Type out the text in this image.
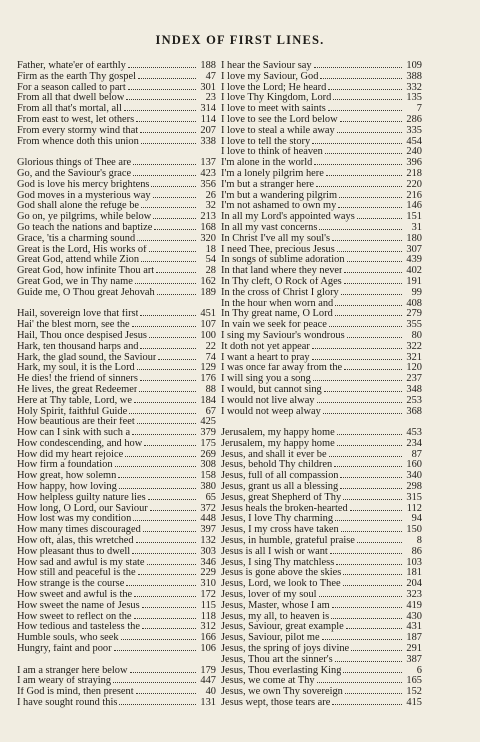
INDEX OF FIRST LINES.
Father, whate'er of earthly	188
Firm as the earth Thy gospel	47
For a season called to part	301
From all that dwell below	23
From all that's mortal, all	314
From east to west, let others	114
From every stormy wind that	207
From whence doth this union	338
Glorious things of Thee are	137
Go, and the Saviour's grace	423
God is love his mercy brightens	356
God moves in a mysterious way	26
God shall alone the refuge be	32
Go on, ye pilgrims, while below	213
Go teach the nations and baptize	168
Grace, 'tis a charming sound	320
Great is the Lord, His works of	18
Great God, attend while Zion	54
Great God, how infinite Thou art	28
Great God, we in Thy name	162
Guide me, O Thou great Jehovah	189
Hail, sovereign love that first	451
Hai' the blest morn, see the	107
Hail, Thou once despised Jesus	100
Hark, ten thousand harps and	22
Hark, the glad sound, the Saviour	74
Hark, my soul, it is the Lord	129
He dies! the friend of sinners	176
He lives, the great Redeemer	88
Here at Thy table, Lord, we	184
Holy Spirit, faithful Guide	67
How beautious are their feet	425
How can I sink with such a	379
How condescending, and how	175
How did my heart rejoice	269
How firm a foundation	308
How great, how solemn	158
How happy, how loving	380
How helpless guilty nature lies	65
How long, O Lord, our Saviour	372
How lost was my condition	448
How many times discouraged	397
How oft, alas, this wretched	132
How pleasant thus to dwell	303
How sad and awful is my state	346
How still and peaceful is the	229
How strange is the course	310
How sweet and awful is the	172
How sweet the name of Jesus	115
How sweet to reflect on the	118
How tedious and tasteless the	312
Humble souls, who seek	166
Hungry, faint and poor	106
I am a stranger here below	179
I am weary of straying	447
If God is mind, then present	40
I have sought round this	131
I hear the Saviour say	109
I love my Saviour, God	388
I love the Lord; He heard	332
I love Thy Kingdom, Lord	135
I love to meet with saints	7
I love to see the Lord below	286
I love to steal a while away	335
I love to tell the story	454
I love to think of heaven	240
I'm alone in the world	396
I'm a lonely pilgrim here	218
I'm but a stranger here	220
I'm but a wandering pilgrim	216
I'm not ashamed to own my	146
In all my Lord's appointed ways	151
In all my vast concerns	31
In Christ I've all my soul's	180
I need Thee, precious Jesus	307
In songs of sublime adoration	439
In that land where they never	402
In Thy cleft, O Rock of Ages	191
In the cross of Christ I glory	99
In the hour when worn and	408
In Thy great name, O Lord	279
In vain we seek for peace	355
I sing my Saviour's wondrous	80
It doth not yet appear	322
I want a heart to pray	321
I was once far away from the	120
I will sing you a song	237
I would, but cannot sing	348
I would not live alway	253
I would not weep alway	368
Jerusalem, my happy home	453
Jerusalem, my happy home	234
Jesus, and shall it ever be	87
Jesus, behold Thy children	160
Jesus, full of all compassion	340
Jesus, grant us all a blessing	298
Jesus, great Shepherd of Thy	315
Jesus heals the broken-hearted	112
Jesus, I love Thy charming	94
Jesus, I my cross have taken	150
Jesus, in humble, grateful praise	8
Jesus is all I wish or want	86
Jesus, I sing Thy matchless	103
Jesus is gone above the skies	181
Jesus, Lord, we look to Thee	204
Jesus, lover of my soul	323
Jesus, Master, whose I am	419
Jesus, my all, to heaven is	430
Jesus, Saviour, great example	431
Jesus, Saviour, pilot me	187
Jesus, the spring of joys divine	291
Jesus, Thou art the sinner's	387
Jesus, Thou everlasting King	6
Jesus, we come at Thy	165
Jesus, we own Thy sovereign	152
Jesus wept, those tears are	415
